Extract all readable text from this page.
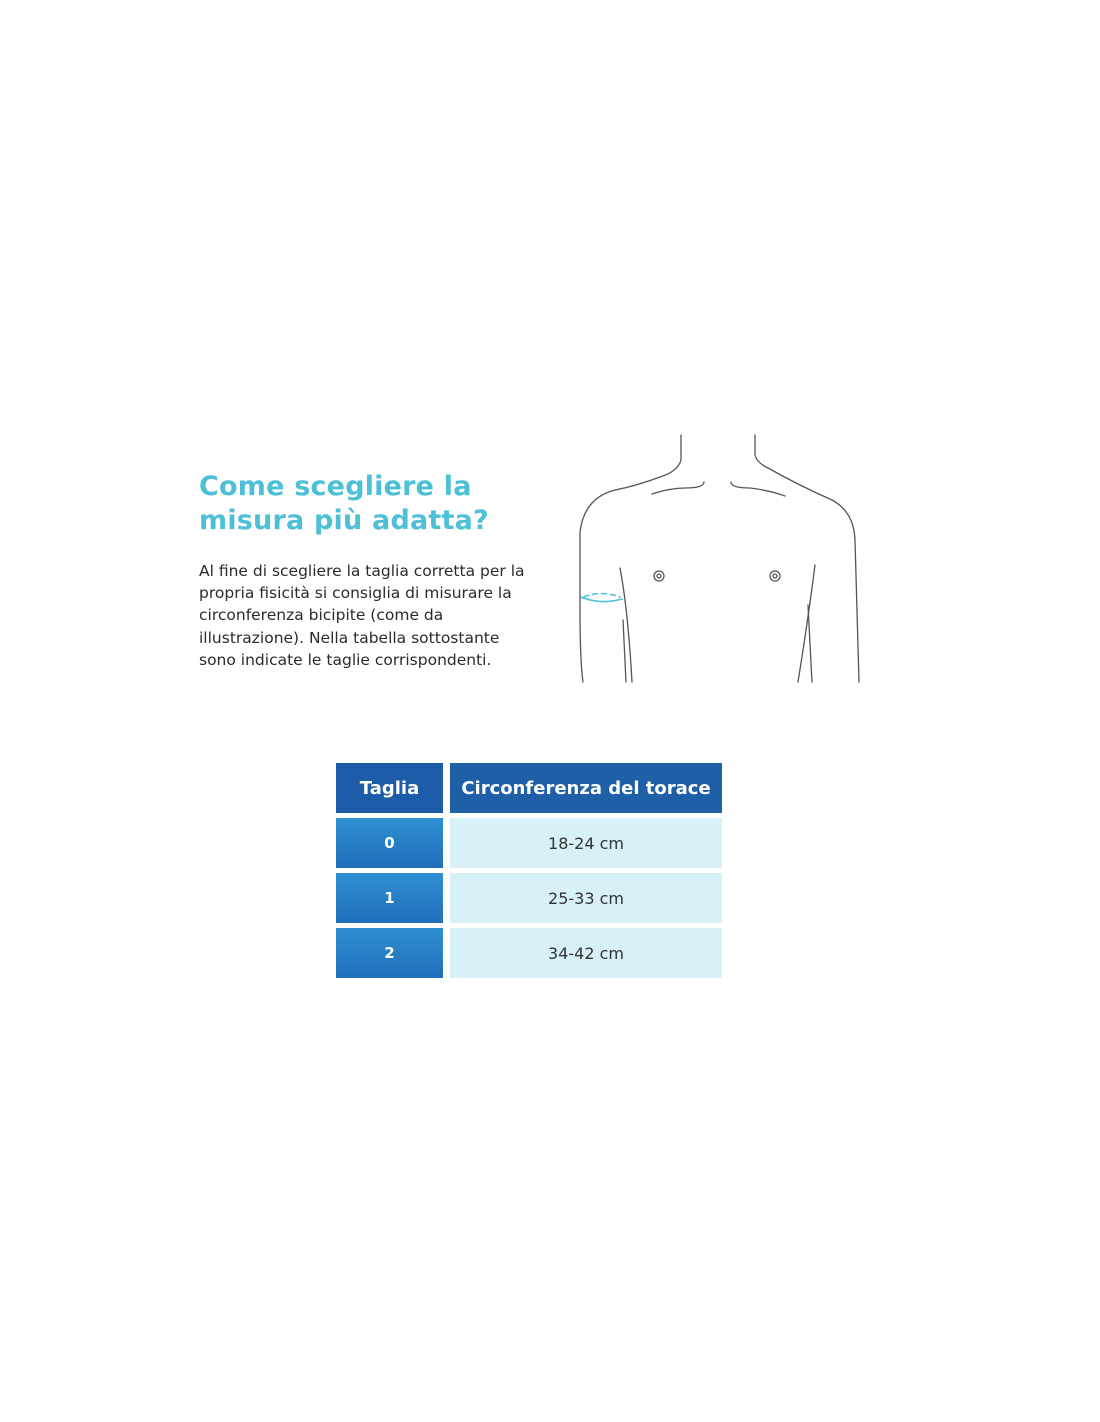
Come scegliere la misura più adatta?

Al fine di scegliere la taglia corretta per la propria fisicità si consiglia di misurare la circonferenza bicipite (come da illustrazione). Nella tabella sottostante sono indicate le taglie corrispondenti.

Taglia	Circonferenza del torace
0	18-24 cm
1	25-33 cm
2	34-42 cm
